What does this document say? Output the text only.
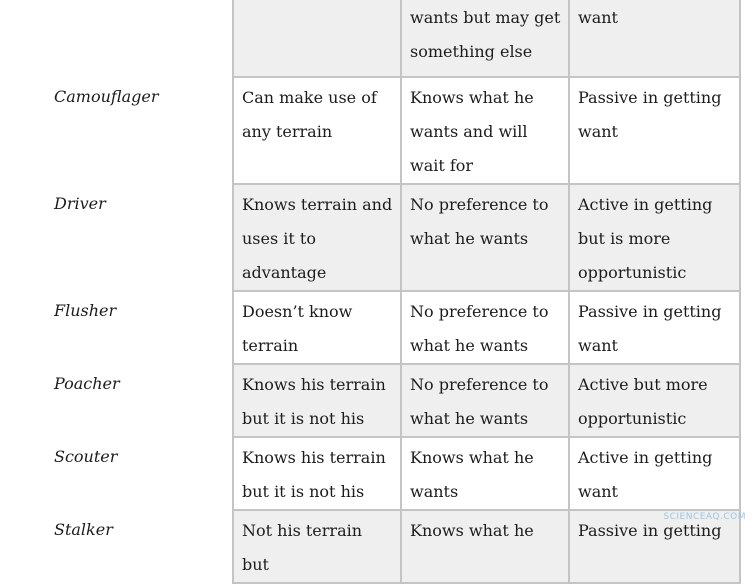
		wants but may get something else	want
Camouflager	Can make use of any terrain	Knows what he wants and will wait for	Passive in getting want
Driver	Knows terrain and uses it to advantage	No preference to what he wants	Active in getting but is more opportunistic
Flusher	Doesn’t know terrain	No preference to what he wants	Passive in getting want
Poacher	Knows his terrain but it is not his	No preference to what he wants	Active but more opportunistic
Scouter	Knows his terrain but it is not his	Knows what he wants	Active in getting want
Stalker	Not his terrain but	Knows what he	Passive in getting
SCIENCEAQ.COM
